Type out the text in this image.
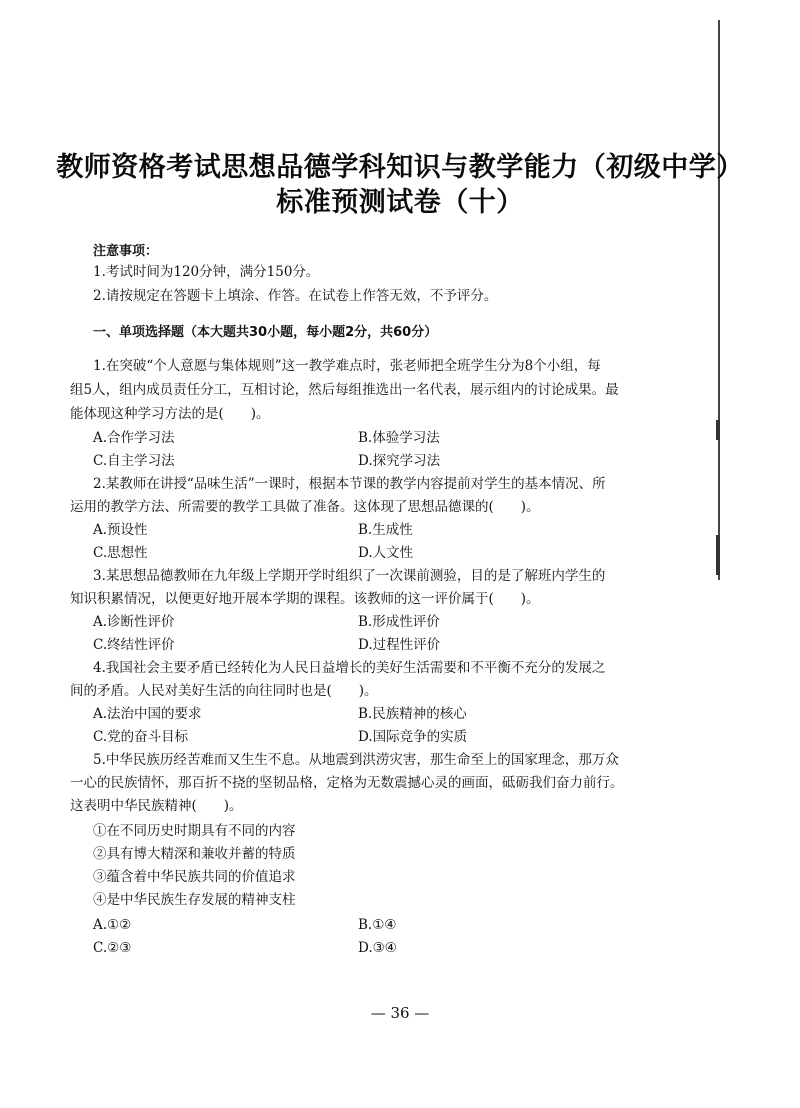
教师资格考试思想品德学科知识与教学能力（初级中学）
标准预测试卷（十）
注意事项：
1.考试时间为120分钟，满分150分。
2.请按规定在答题卡上填涂、作答。在试卷上作答无效，不予评分。
一、单项选择题（本大题共30小题，每小题2分，共60分）
1.在突破“个人意愿与集体规则”这一教学难点时，张老师把全班学生分为8个小组，每
组5人，组内成员责任分工，互相讨论，然后每组推选出一名代表，展示组内的讨论成果。最
能体现这种学习方法的是(　　)。
A.合作学习法	B.体验学习法
C.自主学习法	D.探究学习法
2.某教师在讲授“品味生活”一课时，根据本节课的教学内容提前对学生的基本情况、所
运用的教学方法、所需要的教学工具做了准备。这体现了思想品德课的(　　)。
A.预设性	B.生成性
C.思想性	D.人文性
3.某思想品德教师在九年级上学期开学时组织了一次课前测验，目的是了解班内学生的
知识积累情况，以便更好地开展本学期的课程。该教师的这一评价属于(　　)。
A.诊断性评价	B.形成性评价
C.终结性评价	D.过程性评价
4.我国社会主要矛盾已经转化为人民日益增长的美好生活需要和不平衡不充分的发展之
间的矛盾。人民对美好生活的向往同时也是(　　)。
A.法治中国的要求	B.民族精神的核心
C.党的奋斗目标	D.国际竞争的实质
5.中华民族历经苦难而又生生不息。从地震到洪涝灾害，那生命至上的国家理念，那万众
一心的民族情怀，那百折不挠的坚韧品格，定格为无数震撼心灵的画面，砥砺我们奋力前行。
这表明中华民族精神(　　)。
①在不同历史时期具有不同的内容
②具有博大精深和兼收并蓄的特质
③蕴含着中华民族共同的价值追求
④是中华民族生存发展的精神支柱
A.①②	B.①④
C.②③	D.③④
— 36 —
